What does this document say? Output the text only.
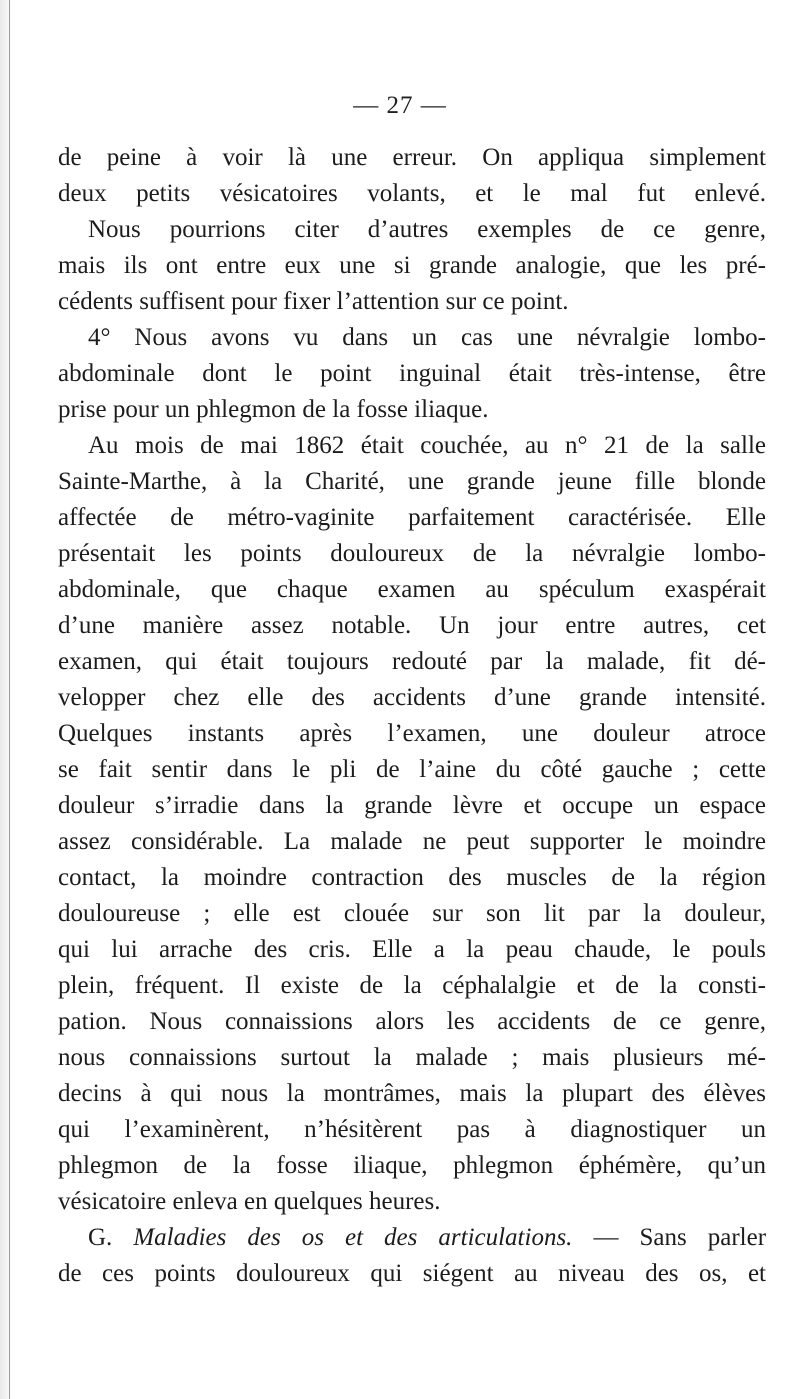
— 27 —
de peine à voir là une erreur. On appliqua simplement
deux petits vésicatoires volants, et le mal fut enlevé.
Nous pourrions citer d’autres exemples de ce genre,
mais ils ont entre eux une si grande analogie, que les pré-
cédents suffisent pour fixer l’attention sur ce point.
4° Nous avons vu dans un cas une névralgie lombo-
abdominale dont le point inguinal était très-intense, être
prise pour un phlegmon de la fosse iliaque.
Au mois de mai 1862 était couchée, au n° 21 de la salle
Sainte-Marthe, à la Charité, une grande jeune fille blonde
affectée de métro-vaginite parfaitement caractérisée. Elle
présentait les points douloureux de la névralgie lombo-
abdominale, que chaque examen au spéculum exaspérait
d’une manière assez notable. Un jour entre autres, cet
examen, qui était toujours redouté par la malade, fit dé-
velopper chez elle des accidents d’une grande intensité.
Quelques instants après l’examen, une douleur atroce
se fait sentir dans le pli de l’aine du côté gauche ; cette
douleur s’irradie dans la grande lèvre et occupe un espace
assez considérable. La malade ne peut supporter le moindre
contact, la moindre contraction des muscles de la région
douloureuse ; elle est clouée sur son lit par la douleur,
qui lui arrache des cris. Elle a la peau chaude, le pouls
plein, fréquent. Il existe de la céphalalgie et de la consti-
pation. Nous connaissions alors les accidents de ce genre,
nous connaissions surtout la malade ; mais plusieurs mé-
decins à qui nous la montrâmes, mais la plupart des élèves
qui l’examinèrent, n’hésitèrent pas à diagnostiquer un
phlegmon de la fosse iliaque, phlegmon éphémère, qu’un
vésicatoire enleva en quelques heures.
G. Maladies des os et des articulations. — Sans parler
de ces points douloureux qui siégent au niveau des os, et
